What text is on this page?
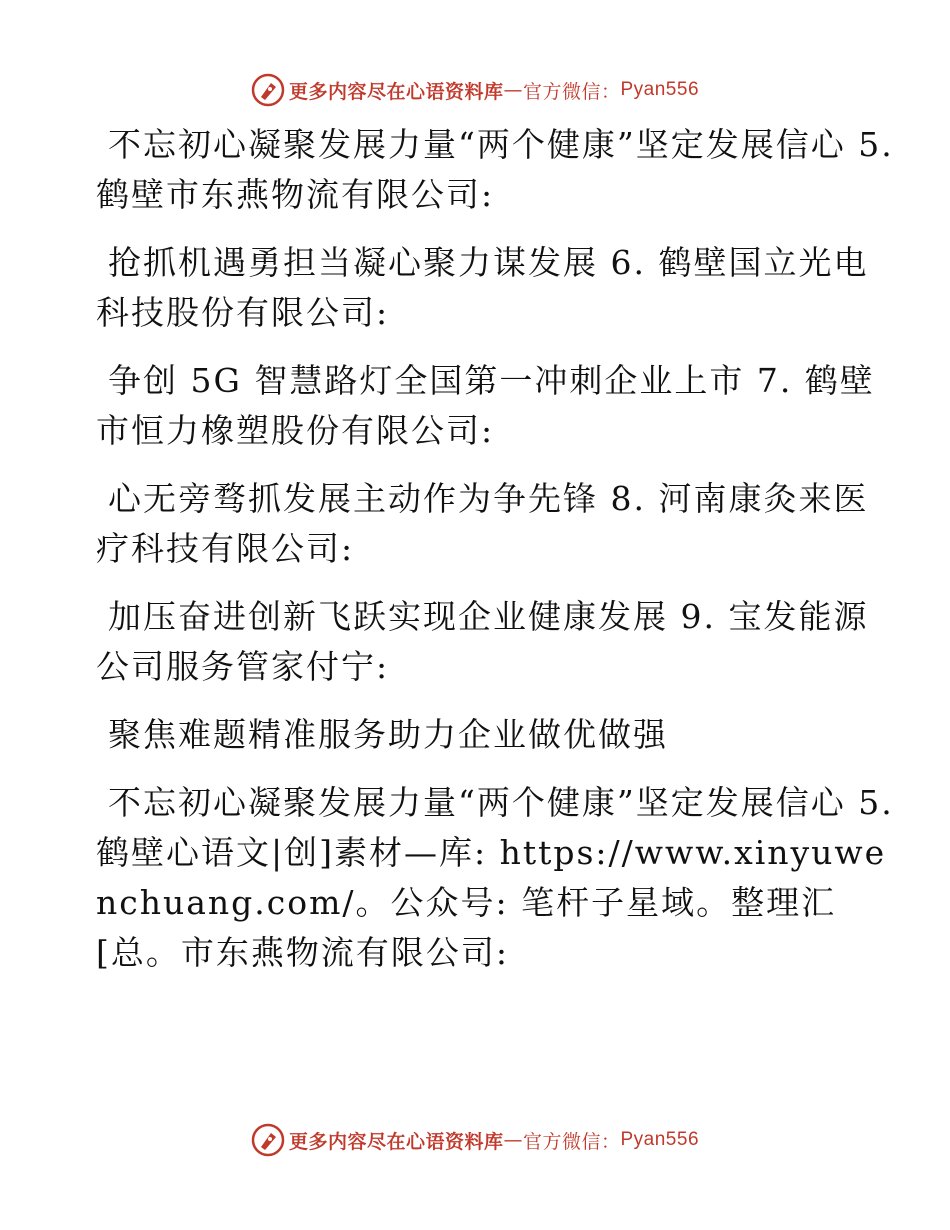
更多内容尽在心语资料库 — 官方微信： Pyan556

不忘初心凝聚发展力量“两个健康”坚定发展信心 5. 鹤壁市东燕物流有限公司:

抢抓机遇勇担当凝心聚力谋发展 6. 鹤壁国立光电科技股份有限公司:

争创 5G 智慧路灯全国第一冲刺企业上市 7. 鹤壁市恒力橡塑股份有限公司:

心无旁骛抓发展主动作为争先锋 8. 河南康灸来医疗科技有限公司:

加压奋进创新飞跃实现企业健康发展 9. 宝发能源公司服务管家付宁:

聚焦难题精准服务助力企业做优做强

不忘初心凝聚发展力量“两个健康”坚定发展信心 5. 鹤壁心语文|创]素材—库: https://www.xinyuwenchuang.com/。公众号: 笔杆子星域。整理汇[总。市东燕物流有限公司:

更多内容尽在心语资料库 — 官方微信： Pyan556
